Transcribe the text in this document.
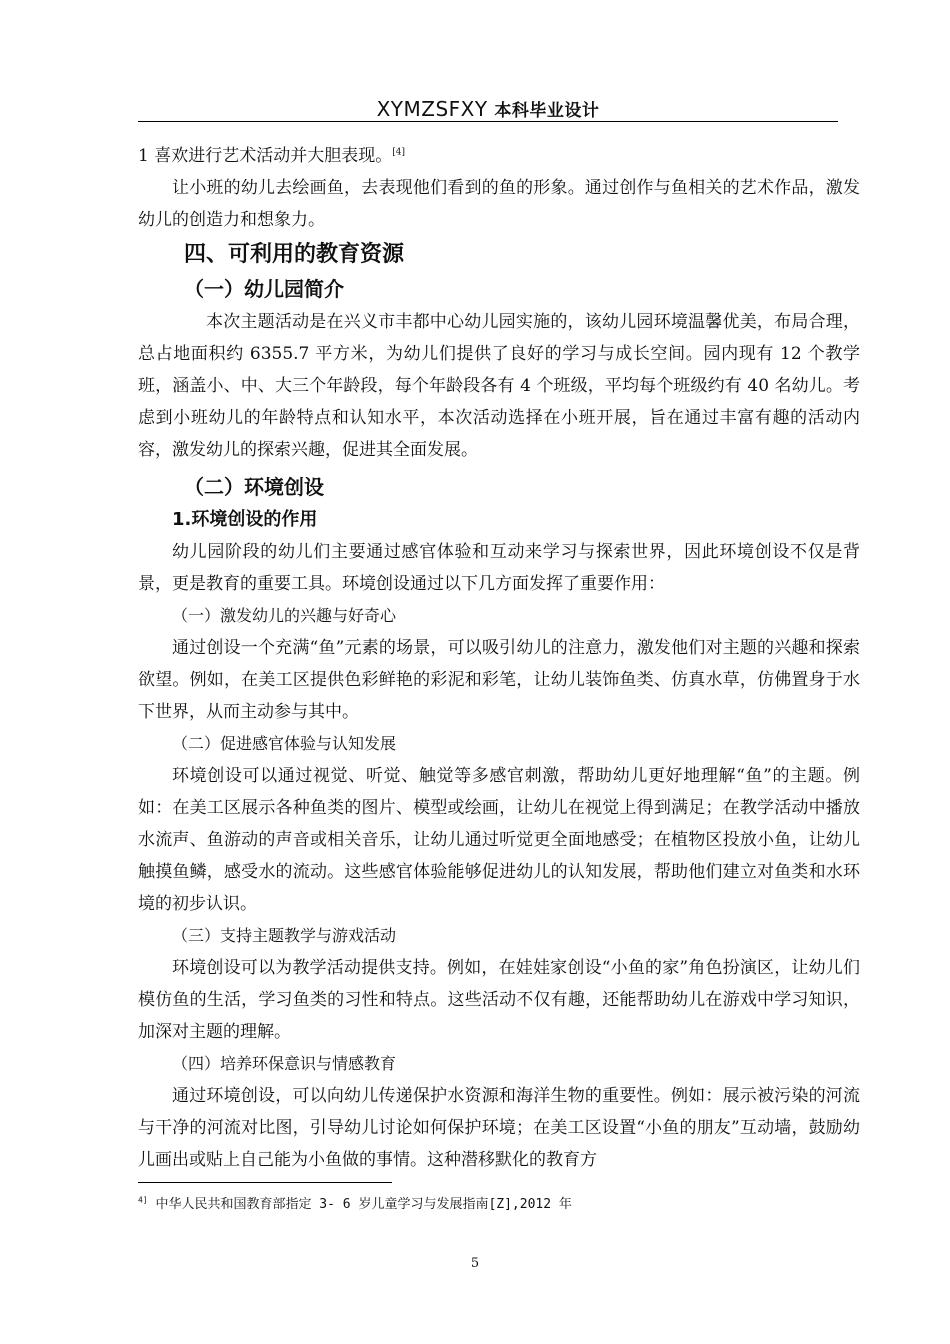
XYMZSFXY 本科毕业设计

1 喜欢进行艺术活动并大胆表现。[4]

让小班的幼儿去绘画鱼，去表现他们看到的鱼的形象。通过创作与鱼相关的艺术作品，激发幼儿的创造力和想象力。

四、可利用的教育资源
（一）幼儿园简介

本次主题活动是在兴义市丰都中心幼儿园实施的，该幼儿园环境温馨优美，布局合理，总占地面积约 6355.7 平方米，为幼儿们提供了良好的学习与成长空间。园内现有 12 个教学班，涵盖小、中、大三个年龄段，每个年龄段各有 4 个班级，平均每个班级约有 40 名幼儿。考虑到小班幼儿的年龄特点和认知水平，本次活动选择在小班开展，旨在通过丰富有趣的活动内容，激发幼儿的探索兴趣，促进其全面发展。

（二）环境创设
1.环境创设的作用

幼儿园阶段的幼儿们主要通过感官体验和互动来学习与探索世界，因此环境创设不仅是背景，更是教育的重要工具。环境创设通过以下几方面发挥了重要作用：

（一）激发幼儿的兴趣与好奇心

通过创设一个充满“鱼”元素的场景，可以吸引幼儿的注意力，激发他们对主题的兴趣和探索欲望。例如，在美工区提供色彩鲜艳的彩泥和彩笔，让幼儿装饰鱼类、仿真水草，仿佛置身于水下世界，从而主动参与其中。

（二）促进感官体验与认知发展

环境创设可以通过视觉、听觉、触觉等多感官刺激，帮助幼儿更好地理解“鱼”的主题。例如：在美工区展示各种鱼类的图片、模型或绘画，让幼儿在视觉上得到满足；在教学活动中播放水流声、鱼游动的声音或相关音乐，让幼儿通过听觉更全面地感受；在植物区投放小鱼，让幼儿触摸鱼鳞，感受水的流动。这些感官体验能够促进幼儿的认知发展，帮助他们建立对鱼类和水环境的初步认识。

（三）支持主题教学与游戏活动

环境创设可以为教学活动提供支持。例如，在娃娃家创设“小鱼的家”角色扮演区，让幼儿们模仿鱼的生活，学习鱼类的习性和特点。这些活动不仅有趣，还能帮助幼儿在游戏中学习知识，加深对主题的理解。

（四）培养环保意识与情感教育

通过环境创设，可以向幼儿传递保护水资源和海洋生物的重要性。例如：展示被污染的河流与干净的河流对比图，引导幼儿讨论如何保护环境；在美工区设置“小鱼的朋友”互动墙，鼓励幼儿画出或贴上自己能为小鱼做的事情。这种潜移默化的教育方

$^{4]}$ 中华人民共和国教育部指定 3- 6 岁儿童学习与发展指南[Z],2012 年
5
